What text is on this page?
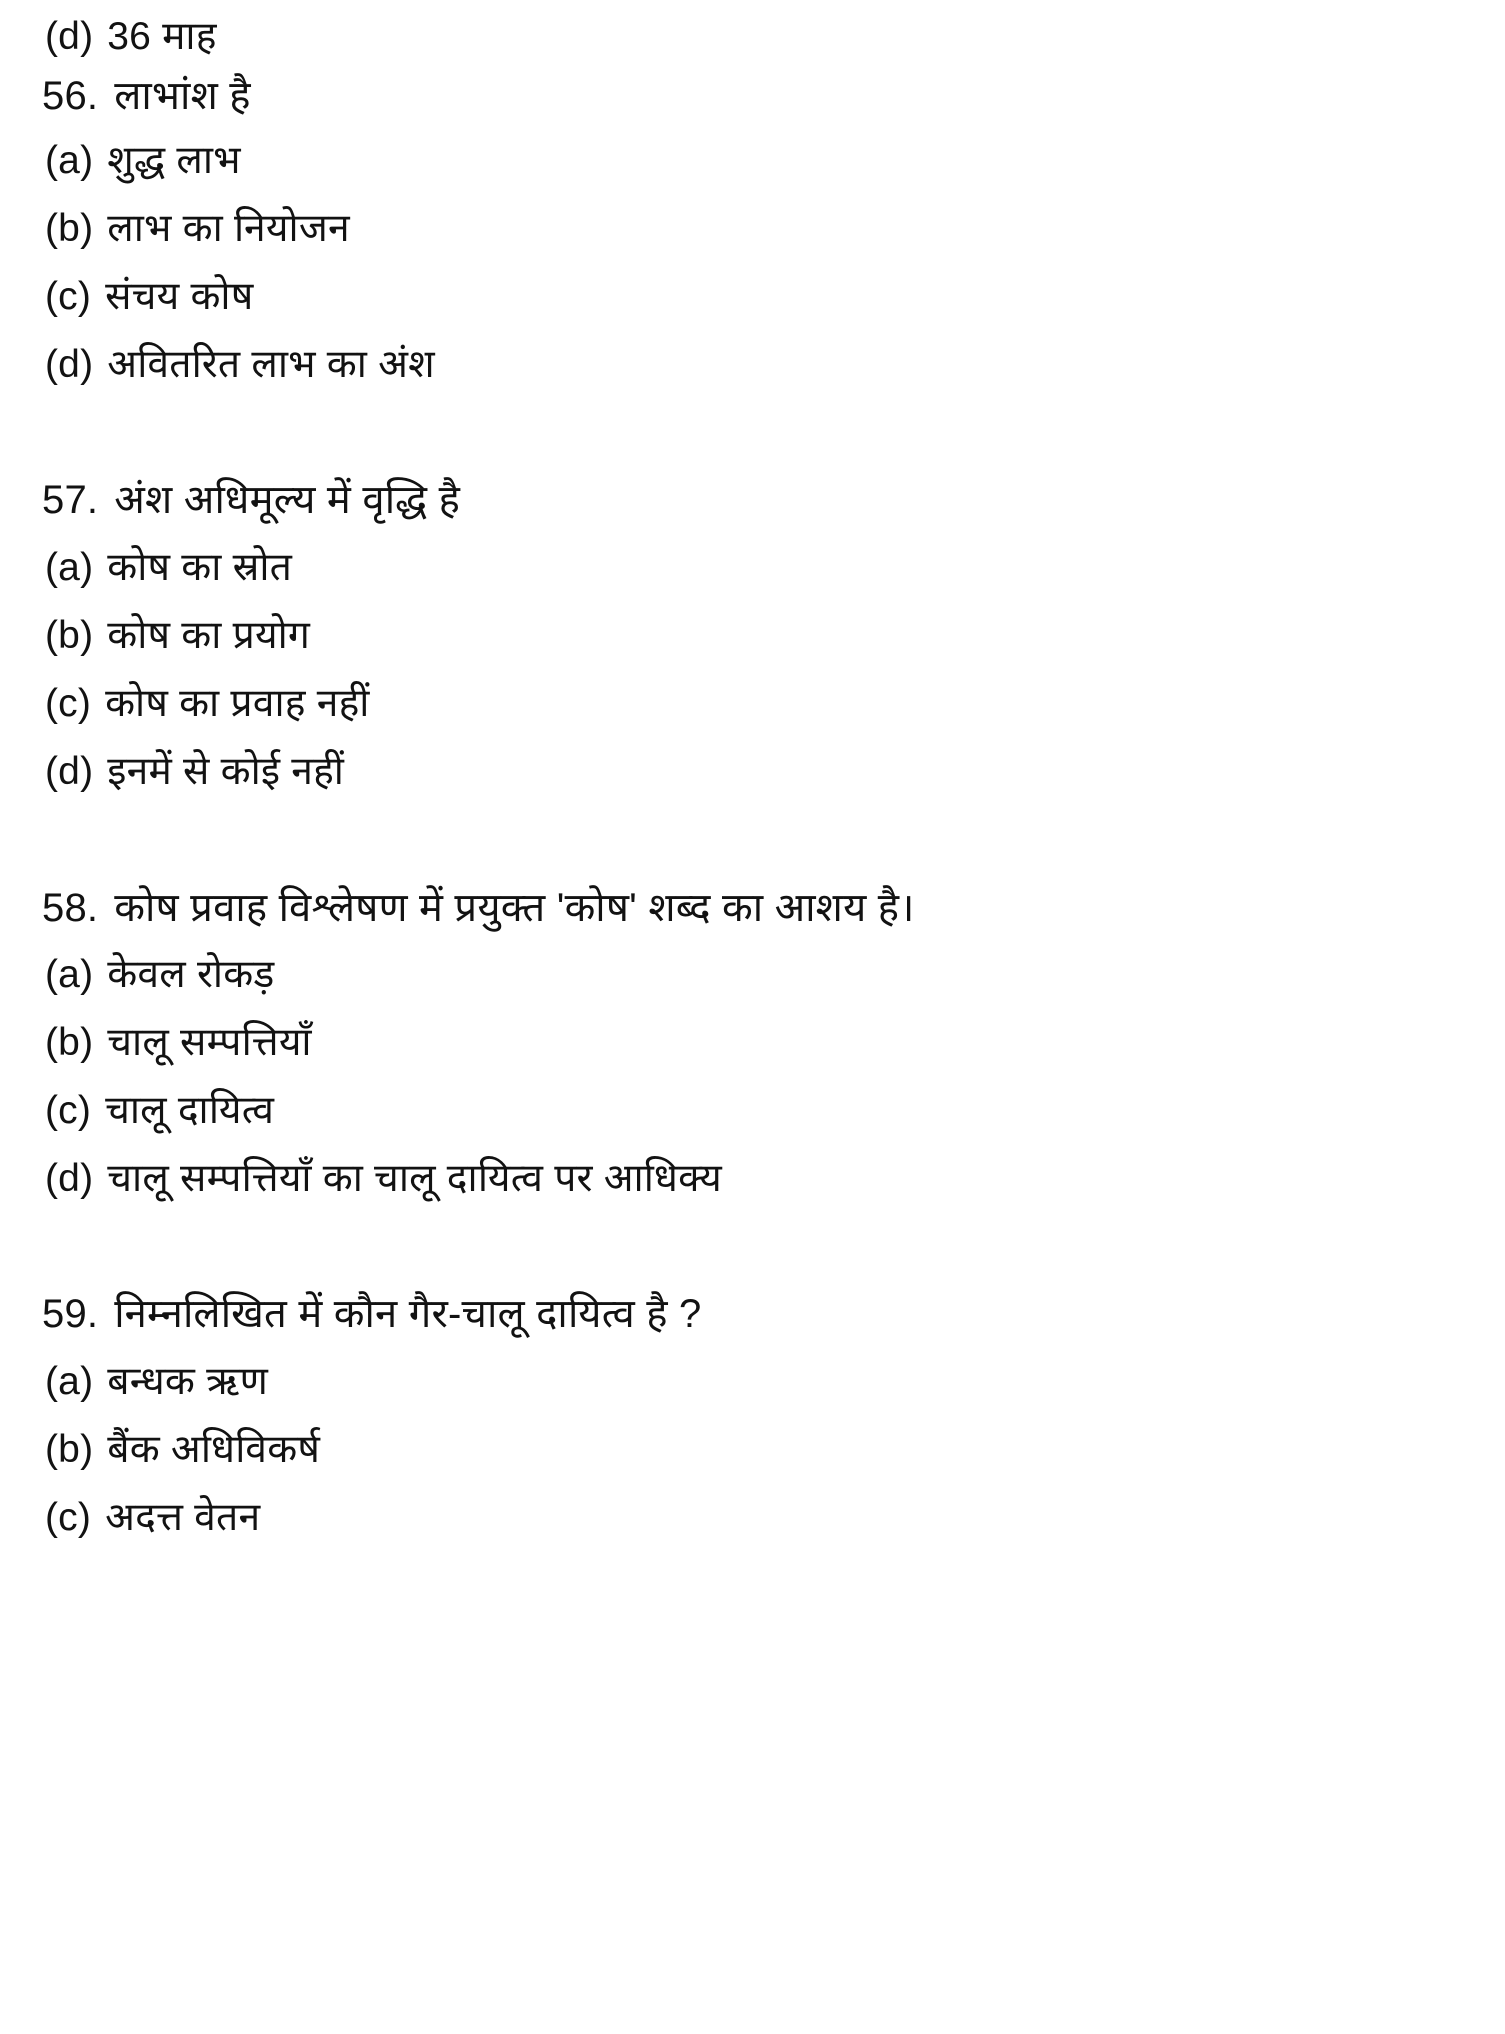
(d) 36 माह
56. लाभांश है
(a) शुद्ध लाभ
(b) लाभ का नियोजन
(c) संचय कोष
(d) अवितरित लाभ का अंश
57. अंश अधिमूल्य में वृद्धि है
(a) कोष का स्रोत
(b) कोष का प्रयोग
(c) कोष का प्रवाह नहीं
(d) इनमें से कोई नहीं
58. कोष प्रवाह विश्लेषण में प्रयुक्त 'कोष' शब्द का आशय है।
(a) केवल रोकड़
(b) चालू सम्पत्तियाँ
(c) चालू दायित्व
(d) चालू सम्पत्तियाँ का चालू दायित्व पर आधिक्य
59. निम्नलिखित में कौन गैर-चालू दायित्व है ?
(a) बन्धक ऋण
(b) बैंक अधिविकर्ष
(c) अदत्त वेतन
